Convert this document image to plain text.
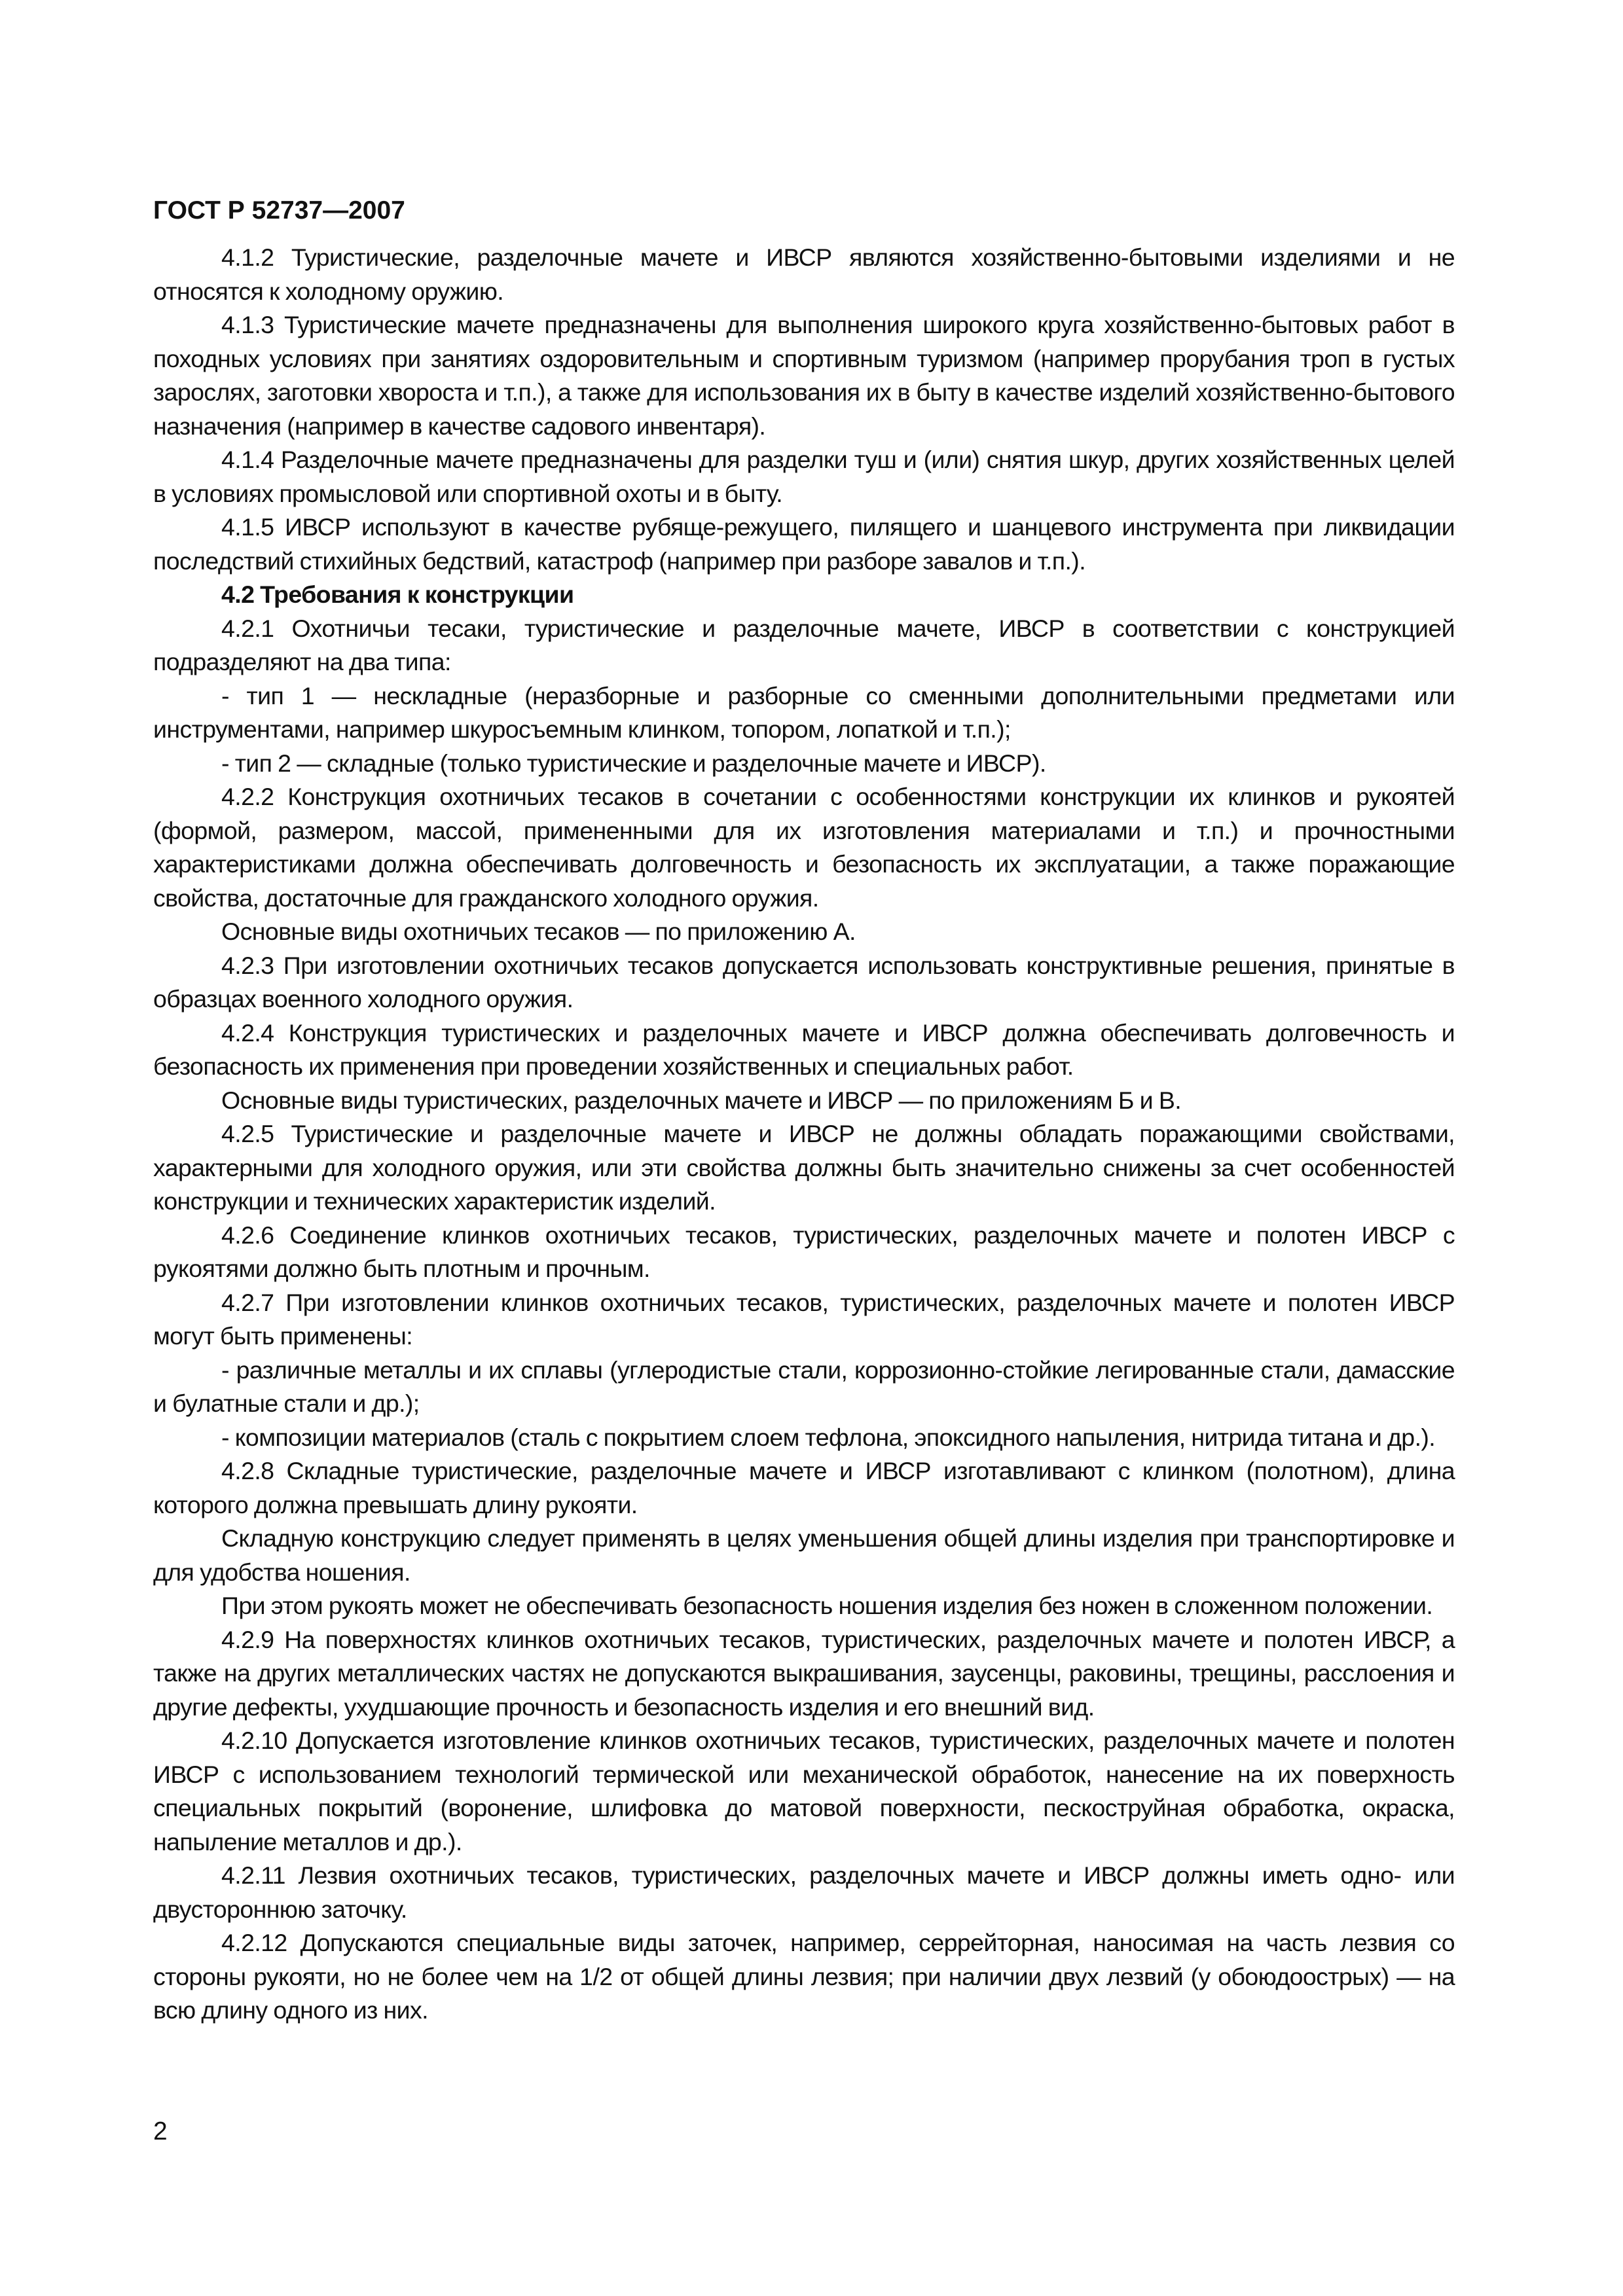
ГОСТ Р 52737—2007

4.1.2 Туристические, разделочные мачете и ИВСР являются хозяйственно-бытовыми изделиями и не относятся к холодному оружию.

4.1.3 Туристические мачете предназначены для выполнения широкого круга хозяйственно-бытовых работ в походных условиях при занятиях оздоровительным и спортивным туризмом (например прорубания троп в густых зарослях, заготовки хвороста и т.п.), а также для использования их в быту в качестве изделий хозяйственно-бытового назначения (например в качестве садового инвентаря).

4.1.4 Разделочные мачете предназначены для разделки туш и (или) снятия шкур, других хозяйственных целей в условиях промысловой или спортивной охоты и в быту.

4.1.5 ИВСР используют в качестве рубяще-режущего, пилящего и шанцевого инструмента при ликвидации последствий стихийных бедствий, катастроф (например при разборе завалов и т.п.).

4.2 Требования к конструкции

4.2.1 Охотничьи тесаки, туристические и разделочные мачете, ИВСР в соответствии с конструкцией подразделяют на два типа:

- тип 1 — нескладные (неразборные и разборные со сменными дополнительными предметами или инструментами, например шкуросъемным клинком, топором, лопаткой и т.п.);

- тип 2 — складные (только туристические и разделочные мачете и ИВСР).

4.2.2 Конструкция охотничьих тесаков в сочетании с особенностями конструкции их клинков и рукоятей (формой, размером, массой, примененными для их изготовления материалами и т.п.) и прочностными характеристиками должна обеспечивать долговечность и безопасность их эксплуатации, а также поражающие свойства, достаточные для гражданского холодного оружия.

Основные виды охотничьих тесаков — по приложению А.

4.2.3 При изготовлении охотничьих тесаков допускается использовать конструктивные решения, принятые в образцах военного холодного оружия.

4.2.4 Конструкция туристических и разделочных мачете и ИВСР должна обеспечивать долговечность и безопасность их применения при проведении хозяйственных и специальных работ.

Основные виды туристических, разделочных мачете и ИВСР — по приложениям Б и В.

4.2.5 Туристические и разделочные мачете и ИВСР не должны обладать поражающими свойствами, характерными для холодного оружия, или эти свойства должны быть значительно снижены за счет особенностей конструкции и технических характеристик изделий.

4.2.6 Соединение клинков охотничьих тесаков, туристических, разделочных мачете и полотен ИВСР с рукоятями должно быть плотным и прочным.

4.2.7 При изготовлении клинков охотничьих тесаков, туристических, разделочных мачете и полотен ИВСР могут быть применены:

- различные металлы и их сплавы (углеродистые стали, коррозионно-стойкие легированные стали, дамасские и булатные стали и др.);

- композиции материалов (сталь с покрытием слоем тефлона, эпоксидного напыления, нитрида титана и др.).

4.2.8 Складные туристические, разделочные мачете и ИВСР изготавливают с клинком (полотном), длина которого должна превышать длину рукояти.

Складную конструкцию следует применять в целях уменьшения общей длины изделия при транспортировке и для удобства ношения.

При этом рукоять может не обеспечивать безопасность ношения изделия без ножен в сложенном положении.

4.2.9 На поверхностях клинков охотничьих тесаков, туристических, разделочных мачете и полотен ИВСР, а также на других металлических частях не допускаются выкрашивания, заусенцы, раковины, трещины, расслоения и другие дефекты, ухудшающие прочность и безопасность изделия и его внешний вид.

4.2.10 Допускается изготовление клинков охотничьих тесаков, туристических, разделочных мачете и полотен ИВСР с использованием технологий термической или механической обработок, нанесение на их поверхность специальных покрытий (воронение, шлифовка до матовой поверхности, пескоструйная обработка, окраска, напыление металлов и др.).

4.2.11 Лезвия охотничьих тесаков, туристических, разделочных мачете и ИВСР должны иметь одно- или двустороннюю заточку.

4.2.12 Допускаются специальные виды заточек, например, серрейторная, наносимая на часть лезвия со стороны рукояти, но не более чем на 1/2 от общей длины лезвия; при наличии двух лезвий (у обоюдоострых) — на всю длину одного из них.

2
